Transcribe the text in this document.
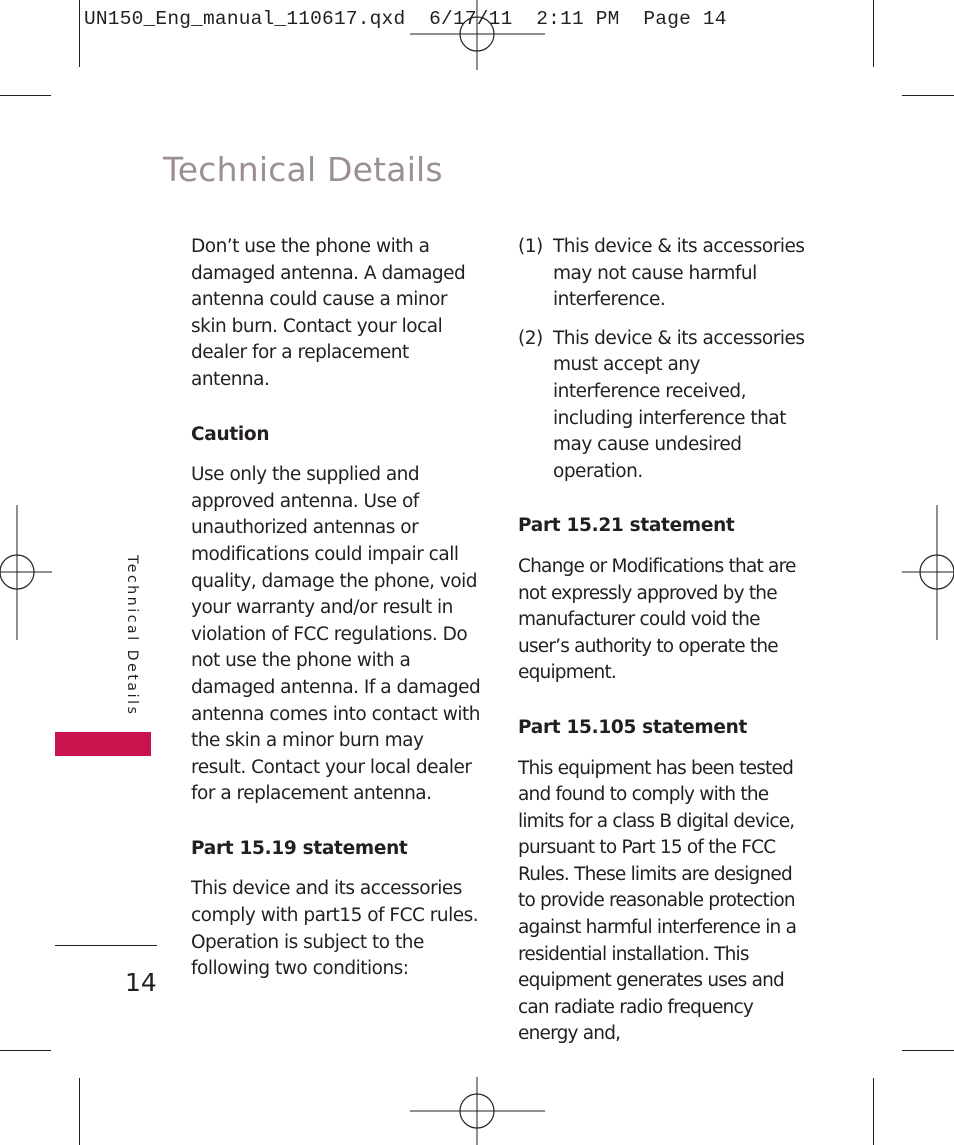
UN150_Eng_manual_110617.qxd  6/17/11  2:11 PM  Page 14
Technical Details
Technical Details
14

Don’t use the phone with a damaged antenna. A damaged antenna could cause a minor skin burn. Contact your local dealer for a replacement antenna.

Caution

Use only the supplied and approved antenna. Use of unauthorized antennas or modifications could impair call quality, damage the phone, void your warranty and/or result in violation of FCC regulations. Do not use the phone with a damaged antenna. If a damaged antenna comes into contact with the skin a minor burn may result. Contact your local dealer for a replacement antenna.

Part 15.19 statement

This device and its accessories comply with part15 of FCC rules. Operation is subject to the following two conditions:

(1) This device & its accessories may not cause harmful interference.

(2) This device & its accessories must accept any interference received, including interference that may cause undesired operation.

Part 15.21 statement

Change or Modifications that are not expressly approved by the manufacturer could void the user’s authority to operate the equipment.

Part 15.105 statement

This equipment has been tested and found to comply with the limits for a class B digital device, pursuant to Part 15 of the FCC Rules. These limits are designed to provide reasonable protection against harmful interference in a residential installation. This equipment generates uses and can radiate radio frequency energy and,
